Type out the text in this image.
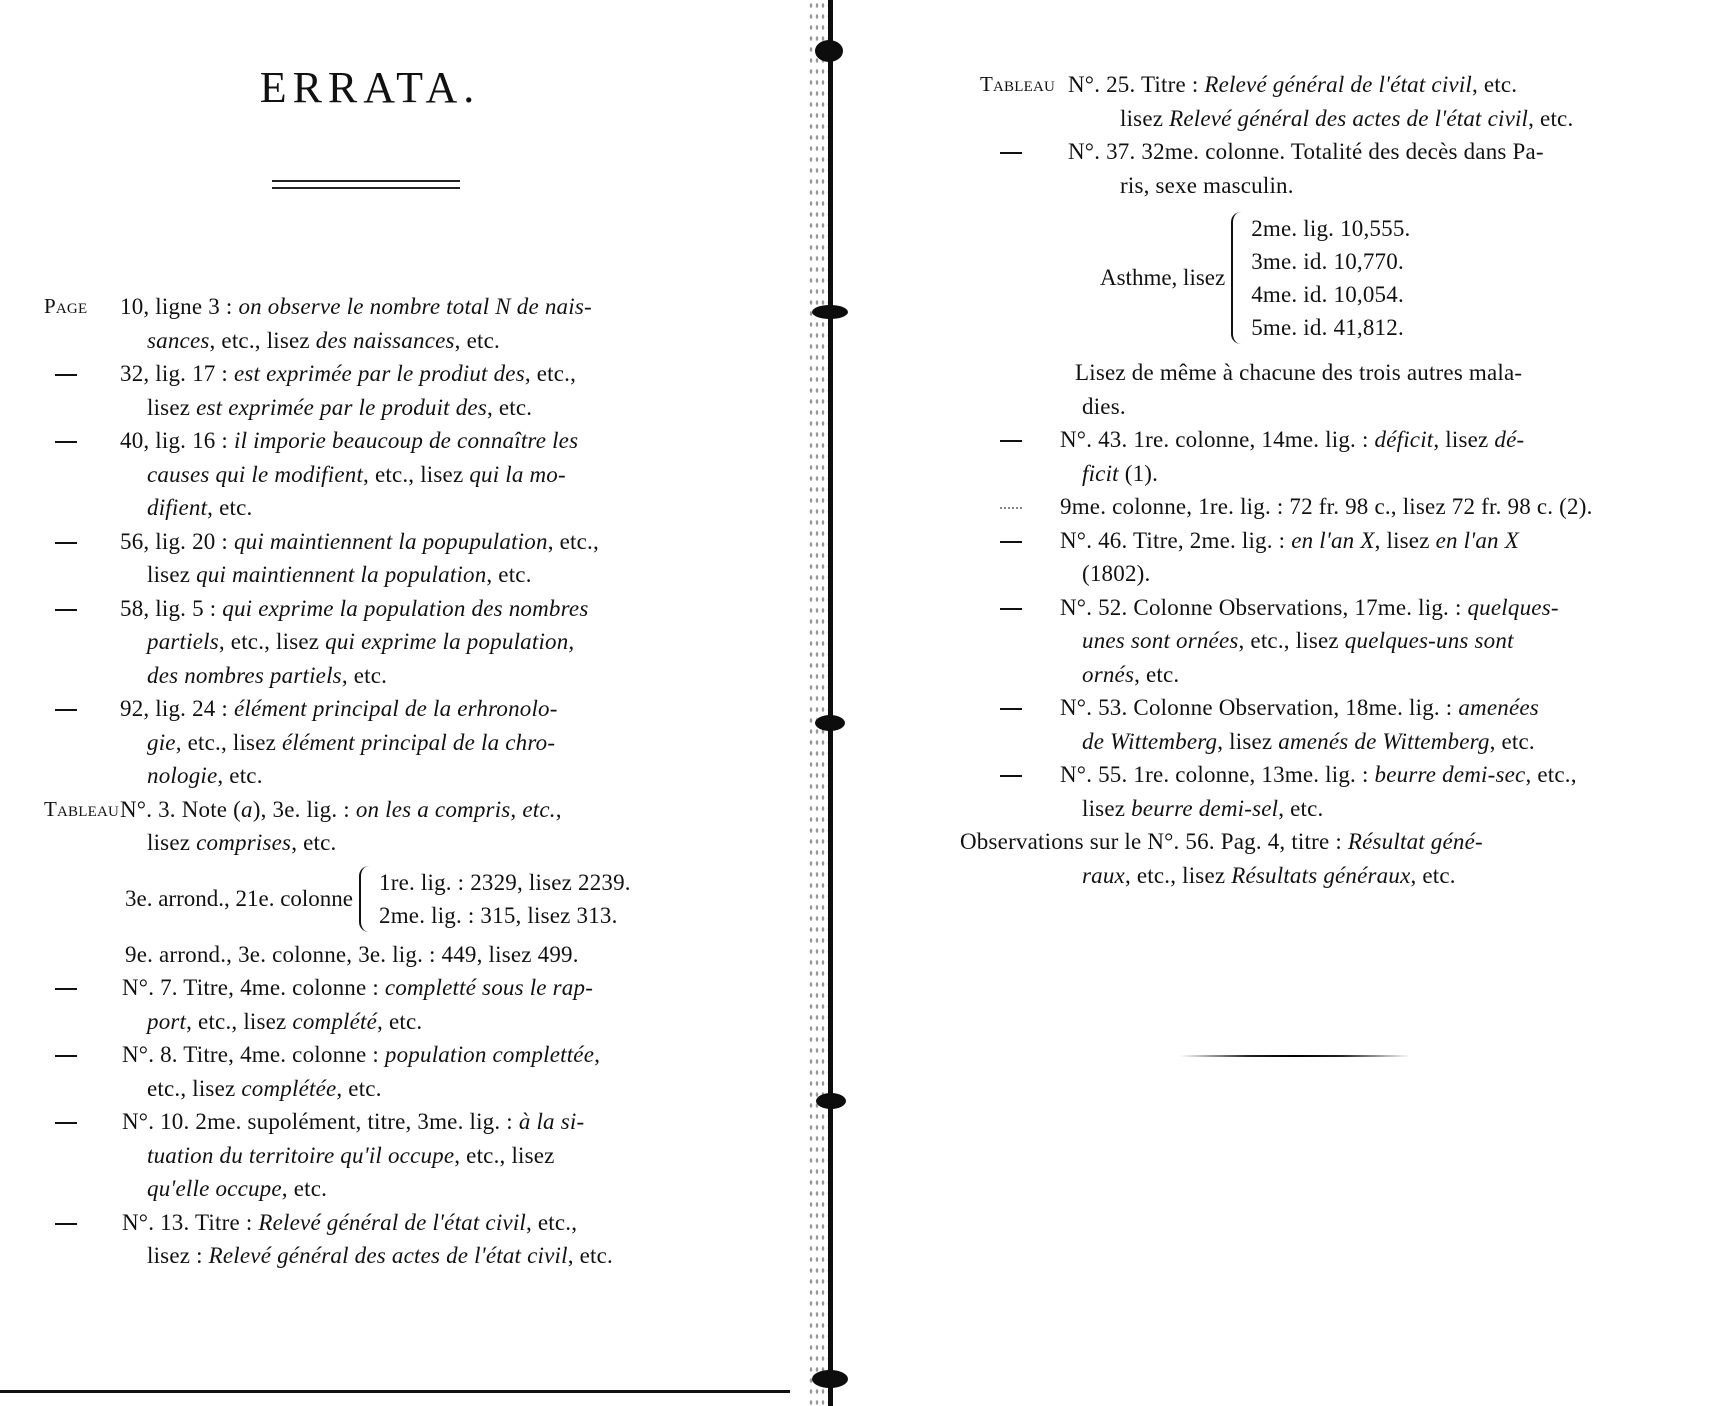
ERRATA.
Page 10, ligne 3 : on observe le nombre total N de nais-
sances, etc., lisez des naissances, etc.
32, lig. 17 : est exprimée par le prodiut des, etc.,
lisez est exprimée par le produit des, etc.
40, lig. 16 : il imporie beaucoup de connaître les
causes qui le modifient, etc., lisez qui la mo-
difient, etc.
56, lig. 20 : qui maintiennent la popupulation, etc.,
lisez qui maintiennent la population, etc.
58, lig. 5 : qui exprime la population des nombres
partiels, etc., lisez qui exprime la population,
des nombres partiels, etc.
92, lig. 24 : élément principal de la erhronolo-
gie, etc., lisez élément principal de la chro-
nologie, etc.
Tableau N°. 3. Note (a), 3e. lig. : on les a compris, etc.,
lisez comprises, etc.
3e. arrond., 21e. colonne
1re. lig. : 2329, lisez 2239.
2me. lig. : 315, lisez 313.
9e. arrond., 3e. colonne, 3e. lig. : 449, lisez 499.
N°. 7. Titre, 4me. colonne : completté sous le rap-
port, etc., lisez complété, etc.
N°. 8. Titre, 4me. colonne : population complettée,
etc., lisez complétée, etc.
N°. 10. 2me. supolément, titre, 3me. lig. : à la si-
tuation du territoire qu'il occupe, etc., lisez
qu'elle occupe, etc.
N°. 13. Titre : Relevé général de l'état civil, etc.,
lisez : Relevé général des actes de l'état civil, etc.
Tableau N°. 25. Titre : Relevé général de l'état civil, etc.
lisez Relevé général des actes de l'état civil, etc.
N°. 37. 32me. colonne. Totalité des decès dans Pa-
ris, sexe masculin.
Asthme, lisez
2me. lig. 10,555.
3me. id. 10,770.
4me. id. 10,054.
5me. id. 41,812.
Lisez de même à chacune des trois autres mala-
dies.
N°. 43. 1re. colonne, 14me. lig. : déficit, lisez dé-
ficit (1).
9me. colonne, 1re. lig. : 72 fr. 98 c., lisez 72 fr. 98 c. (2).
N°. 46. Titre, 2me. lig. : en l'an X, lisez en l'an X
(1802).
N°. 52. Colonne Observations, 17me. lig. : quelques-
unes sont ornées, etc., lisez quelques-uns sont
ornés, etc.
N°. 53. Colonne Observation, 18me. lig. : amenées
de Wittemberg, lisez amenés de Wittemberg, etc.
N°. 55. 1re. colonne, 13me. lig. : beurre demi-sec, etc.,
lisez beurre demi-sel, etc.
Observations sur le N°. 56. Pag. 4, titre : Résultat géné-
raux, etc., lisez Résultats généraux, etc.
